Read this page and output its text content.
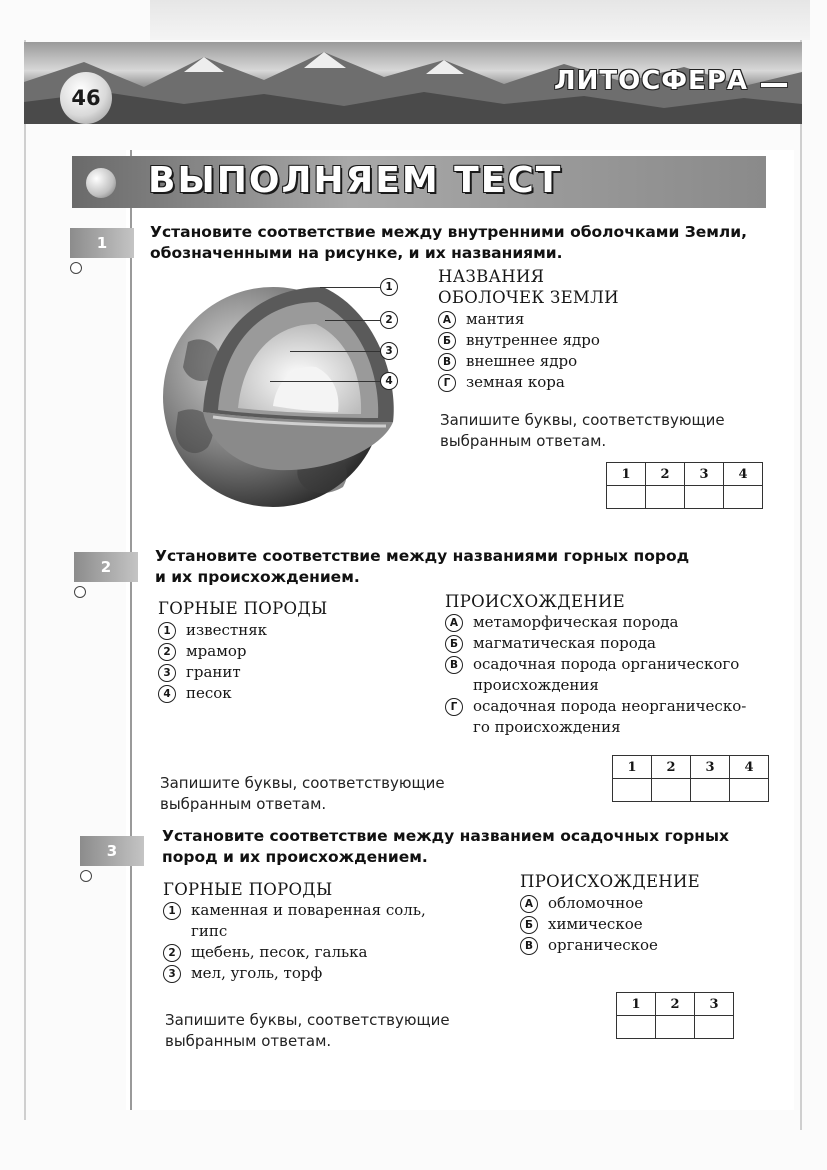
46
ЛИТОСФЕРА
ВЫПОЛНЯЕМ ТЕСТ
1
Установите соответствие между внутренними оболочками Земли,
обозначенными на рисунке, и их названиями.
1
2
3
4
НАЗВАНИЯ
ОБОЛОЧЕК ЗЕМЛИ
А мантия
Б	внутреннее ядро
В	внешнее ядро
Г	земная кора
Запишите буквы, соответствующие
выбранным ответам.
1	2	3	4

2
Установите соответствие между названиями горных пород
и их происхождением.
ГОРНЫЕ ПОРОДЫ
1	известняк
2	мрамор
3	гранит
4	песок
ПРОИСХОЖДЕНИЕ
А метаморфическая порода
Б	магматическая порода
В	осадочная порода органического
происхождения
Г	осадочная порода неорганическо-
го происхождения
Запишите буквы, соответствующие
выбранным ответам.
1	2	3	4

3
Установите соответствие между названием осадочных горных
пород и их происхождением.
ГОРНЫЕ ПОРОДЫ
1	каменная и поваренная соль,
гипс
2	щебень, песок, галька
3	мел, уголь, торф
ПРОИСХОЖДЕНИЕ
А обломочное
Б	химическое
В	органическое
Запишите буквы, соответствующие
выбранным ответам.
1	2	3
